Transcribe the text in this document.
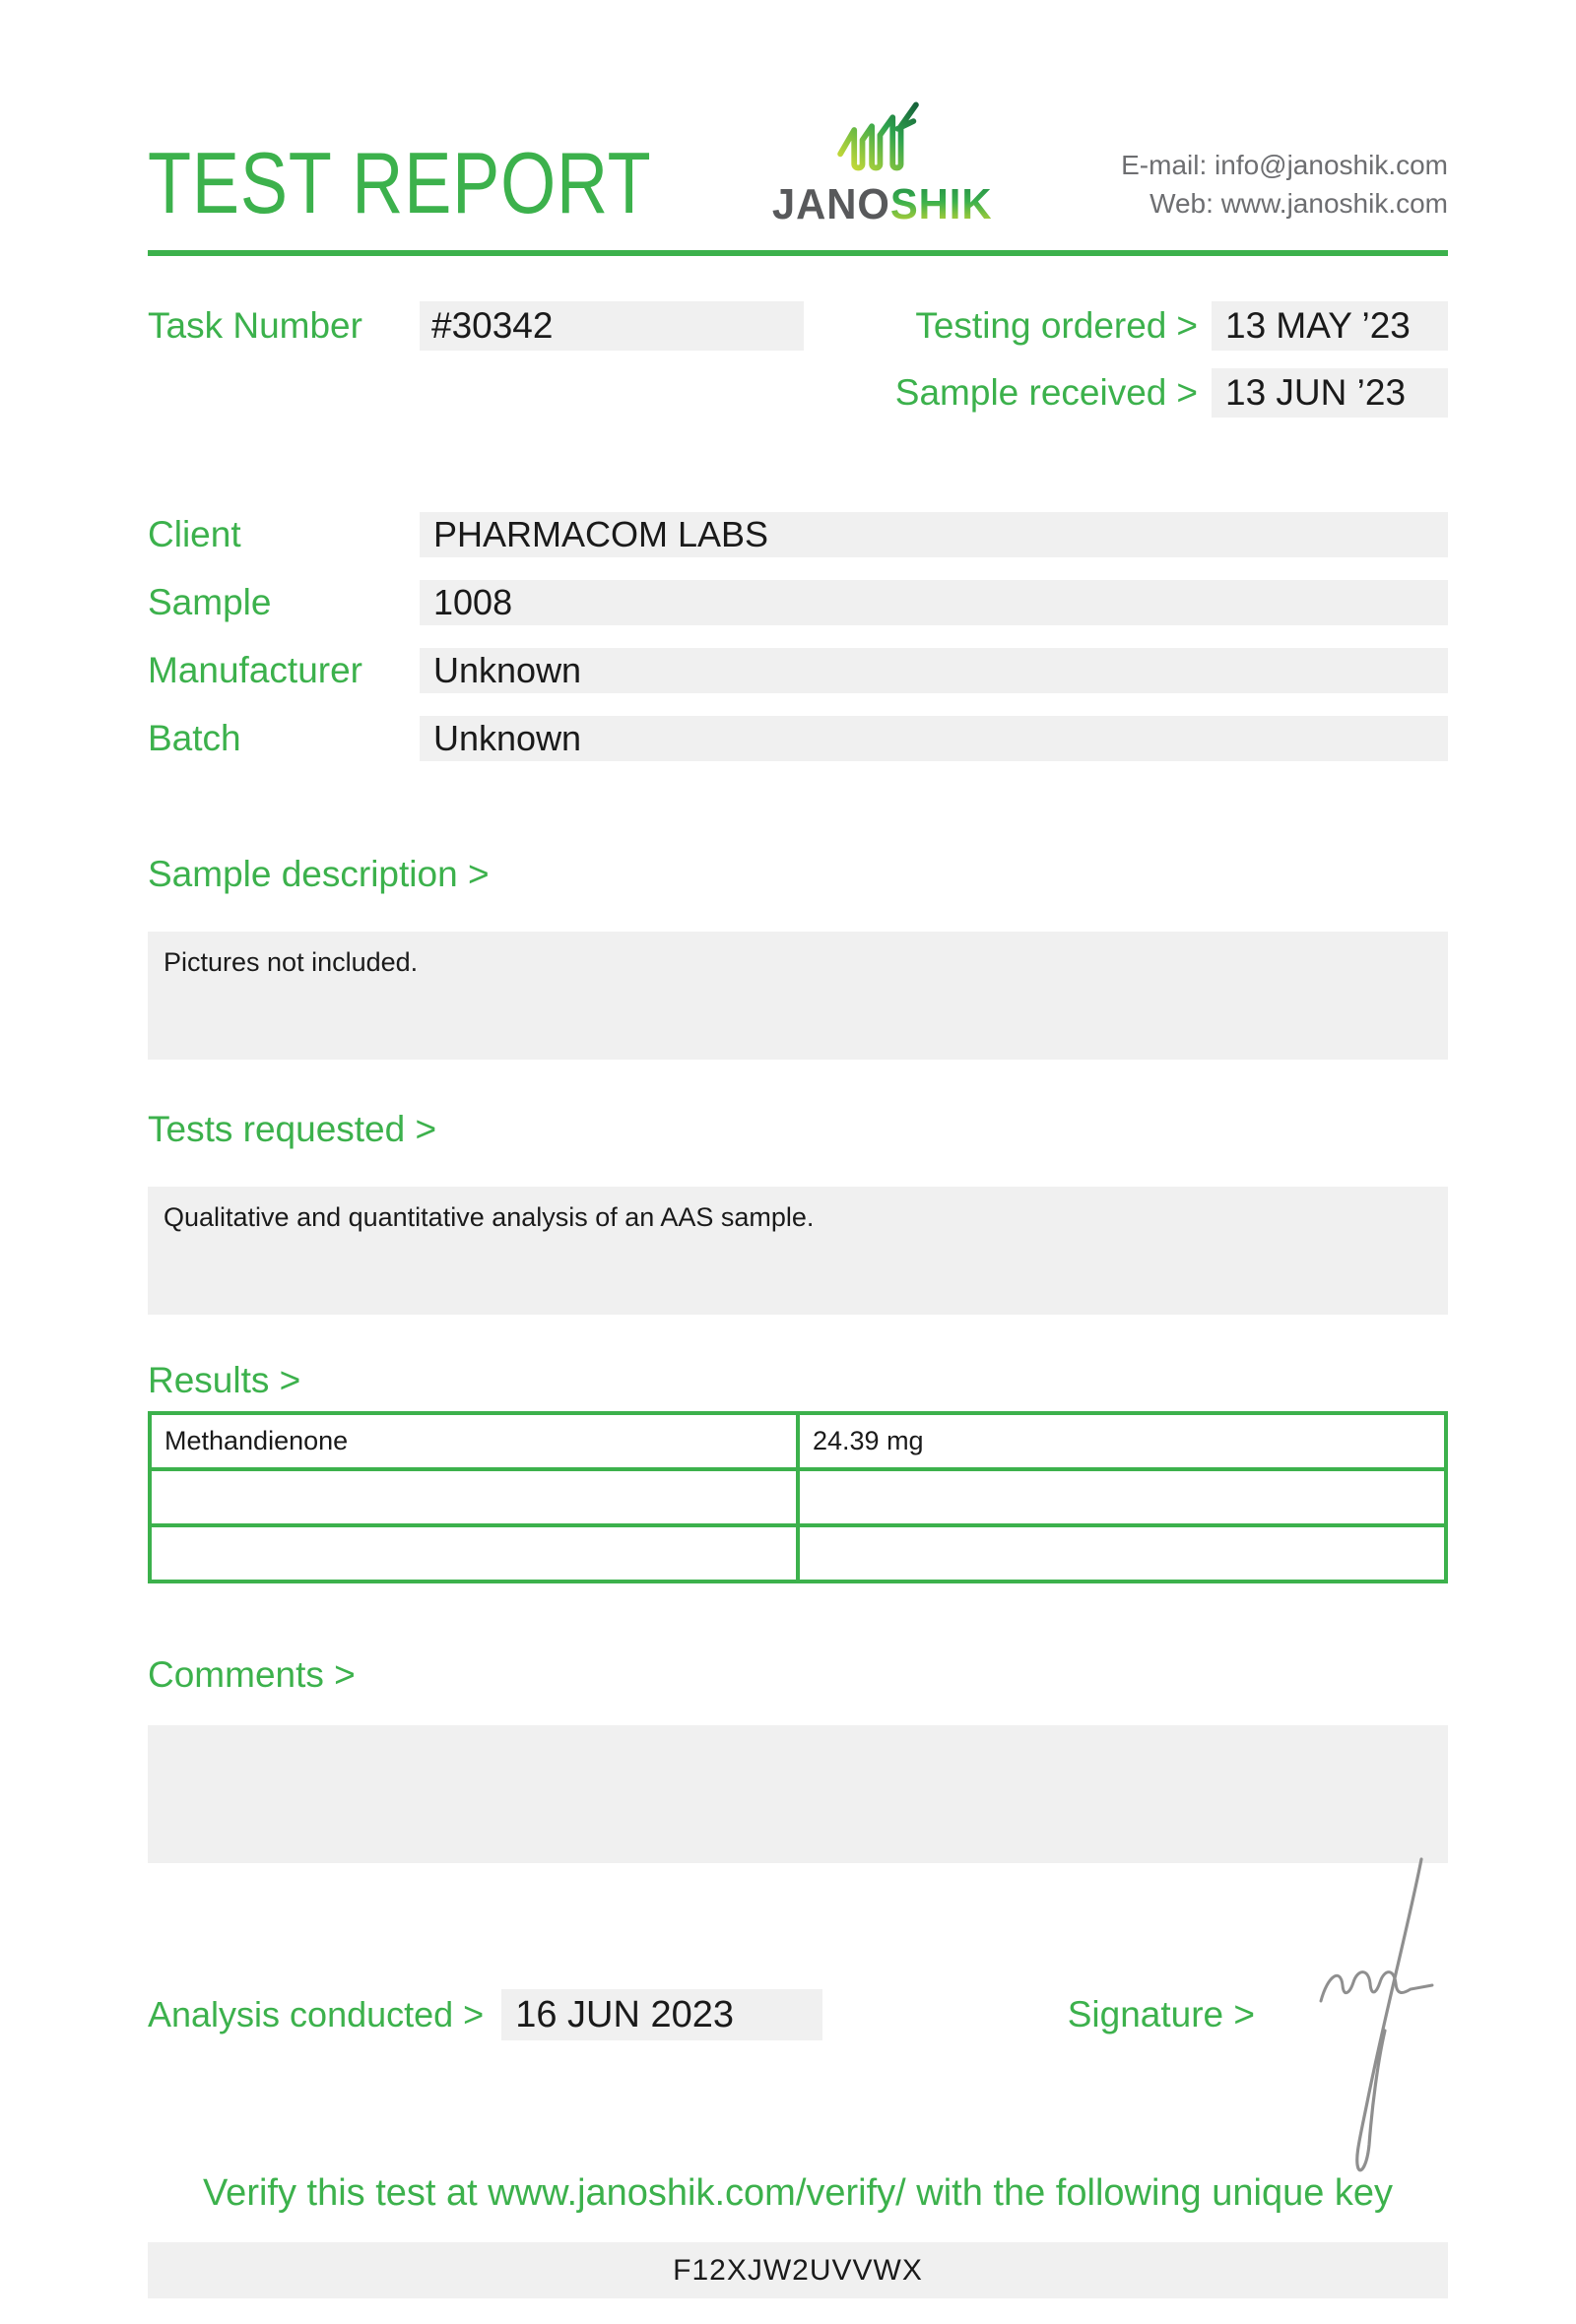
TEST REPORT	JANOSHIK
E-mail: info@janoshik.com
Web: www.janoshik.com
Task Number	#30342	Testing ordered > 13 MAY ’23
Sample received > 13 JUN ’23
Client	PHARMACOM LABS
Sample	1008
Manufacturer	Unknown
Batch	Unknown
Sample description >
Pictures not included.
Tests requested >
Qualitative and quantitative analysis of an AAS sample.
Results >
Methandienone	24.39 mg

Comments >
Analysis conducted > 16 JUN 2023	Signature >
Verify this test at www.janoshik.com/verify/ with the following unique key
F12XJW2UVVWX
